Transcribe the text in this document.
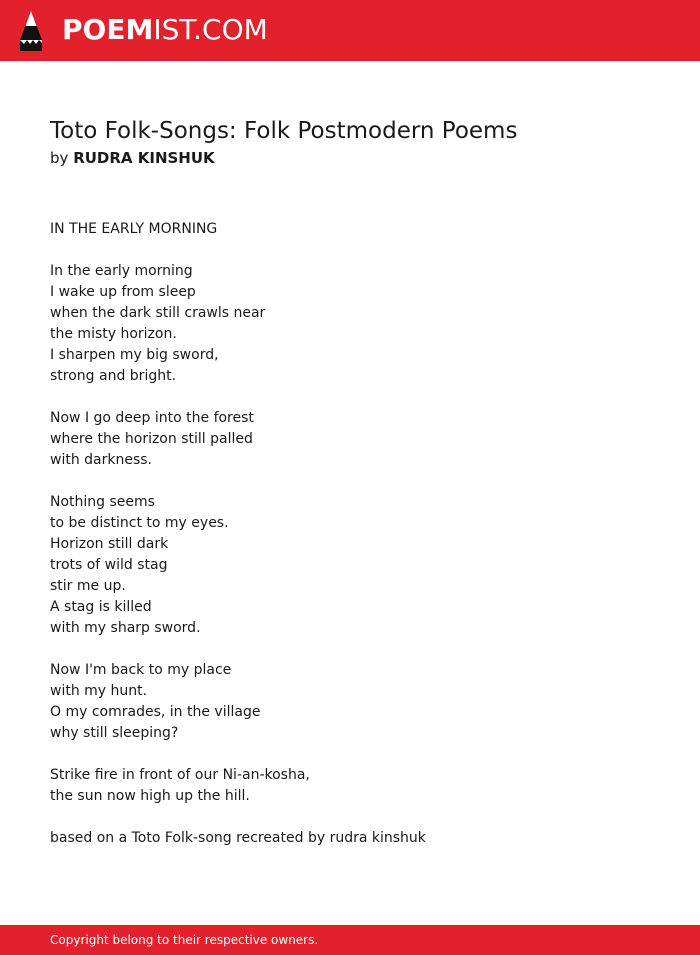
POEMIST.COM
Toto Folk-Songs: Folk Postmodern Poems
by RUDRA KINSHUK
IN THE EARLY MORNING
In the early morning
I wake up from sleep
when the dark still crawls near
the misty horizon.
I sharpen my big sword,
strong and bright.
Now I go deep into the forest
where the horizon still palled
with darkness.
Nothing seems
to be distinct to my eyes.
Horizon still dark
trots of wild stag
stir me up.
A stag is killed
with my sharp sword.
Now I'm back to my place
with my hunt.
O my comrades, in the village
why still sleeping?
Strike fire in front of our Ni-an-kosha,
the sun now high up the hill.
based on a Toto Folk-song recreated by rudra kinshuk
Copyright belong to their respective owners.
